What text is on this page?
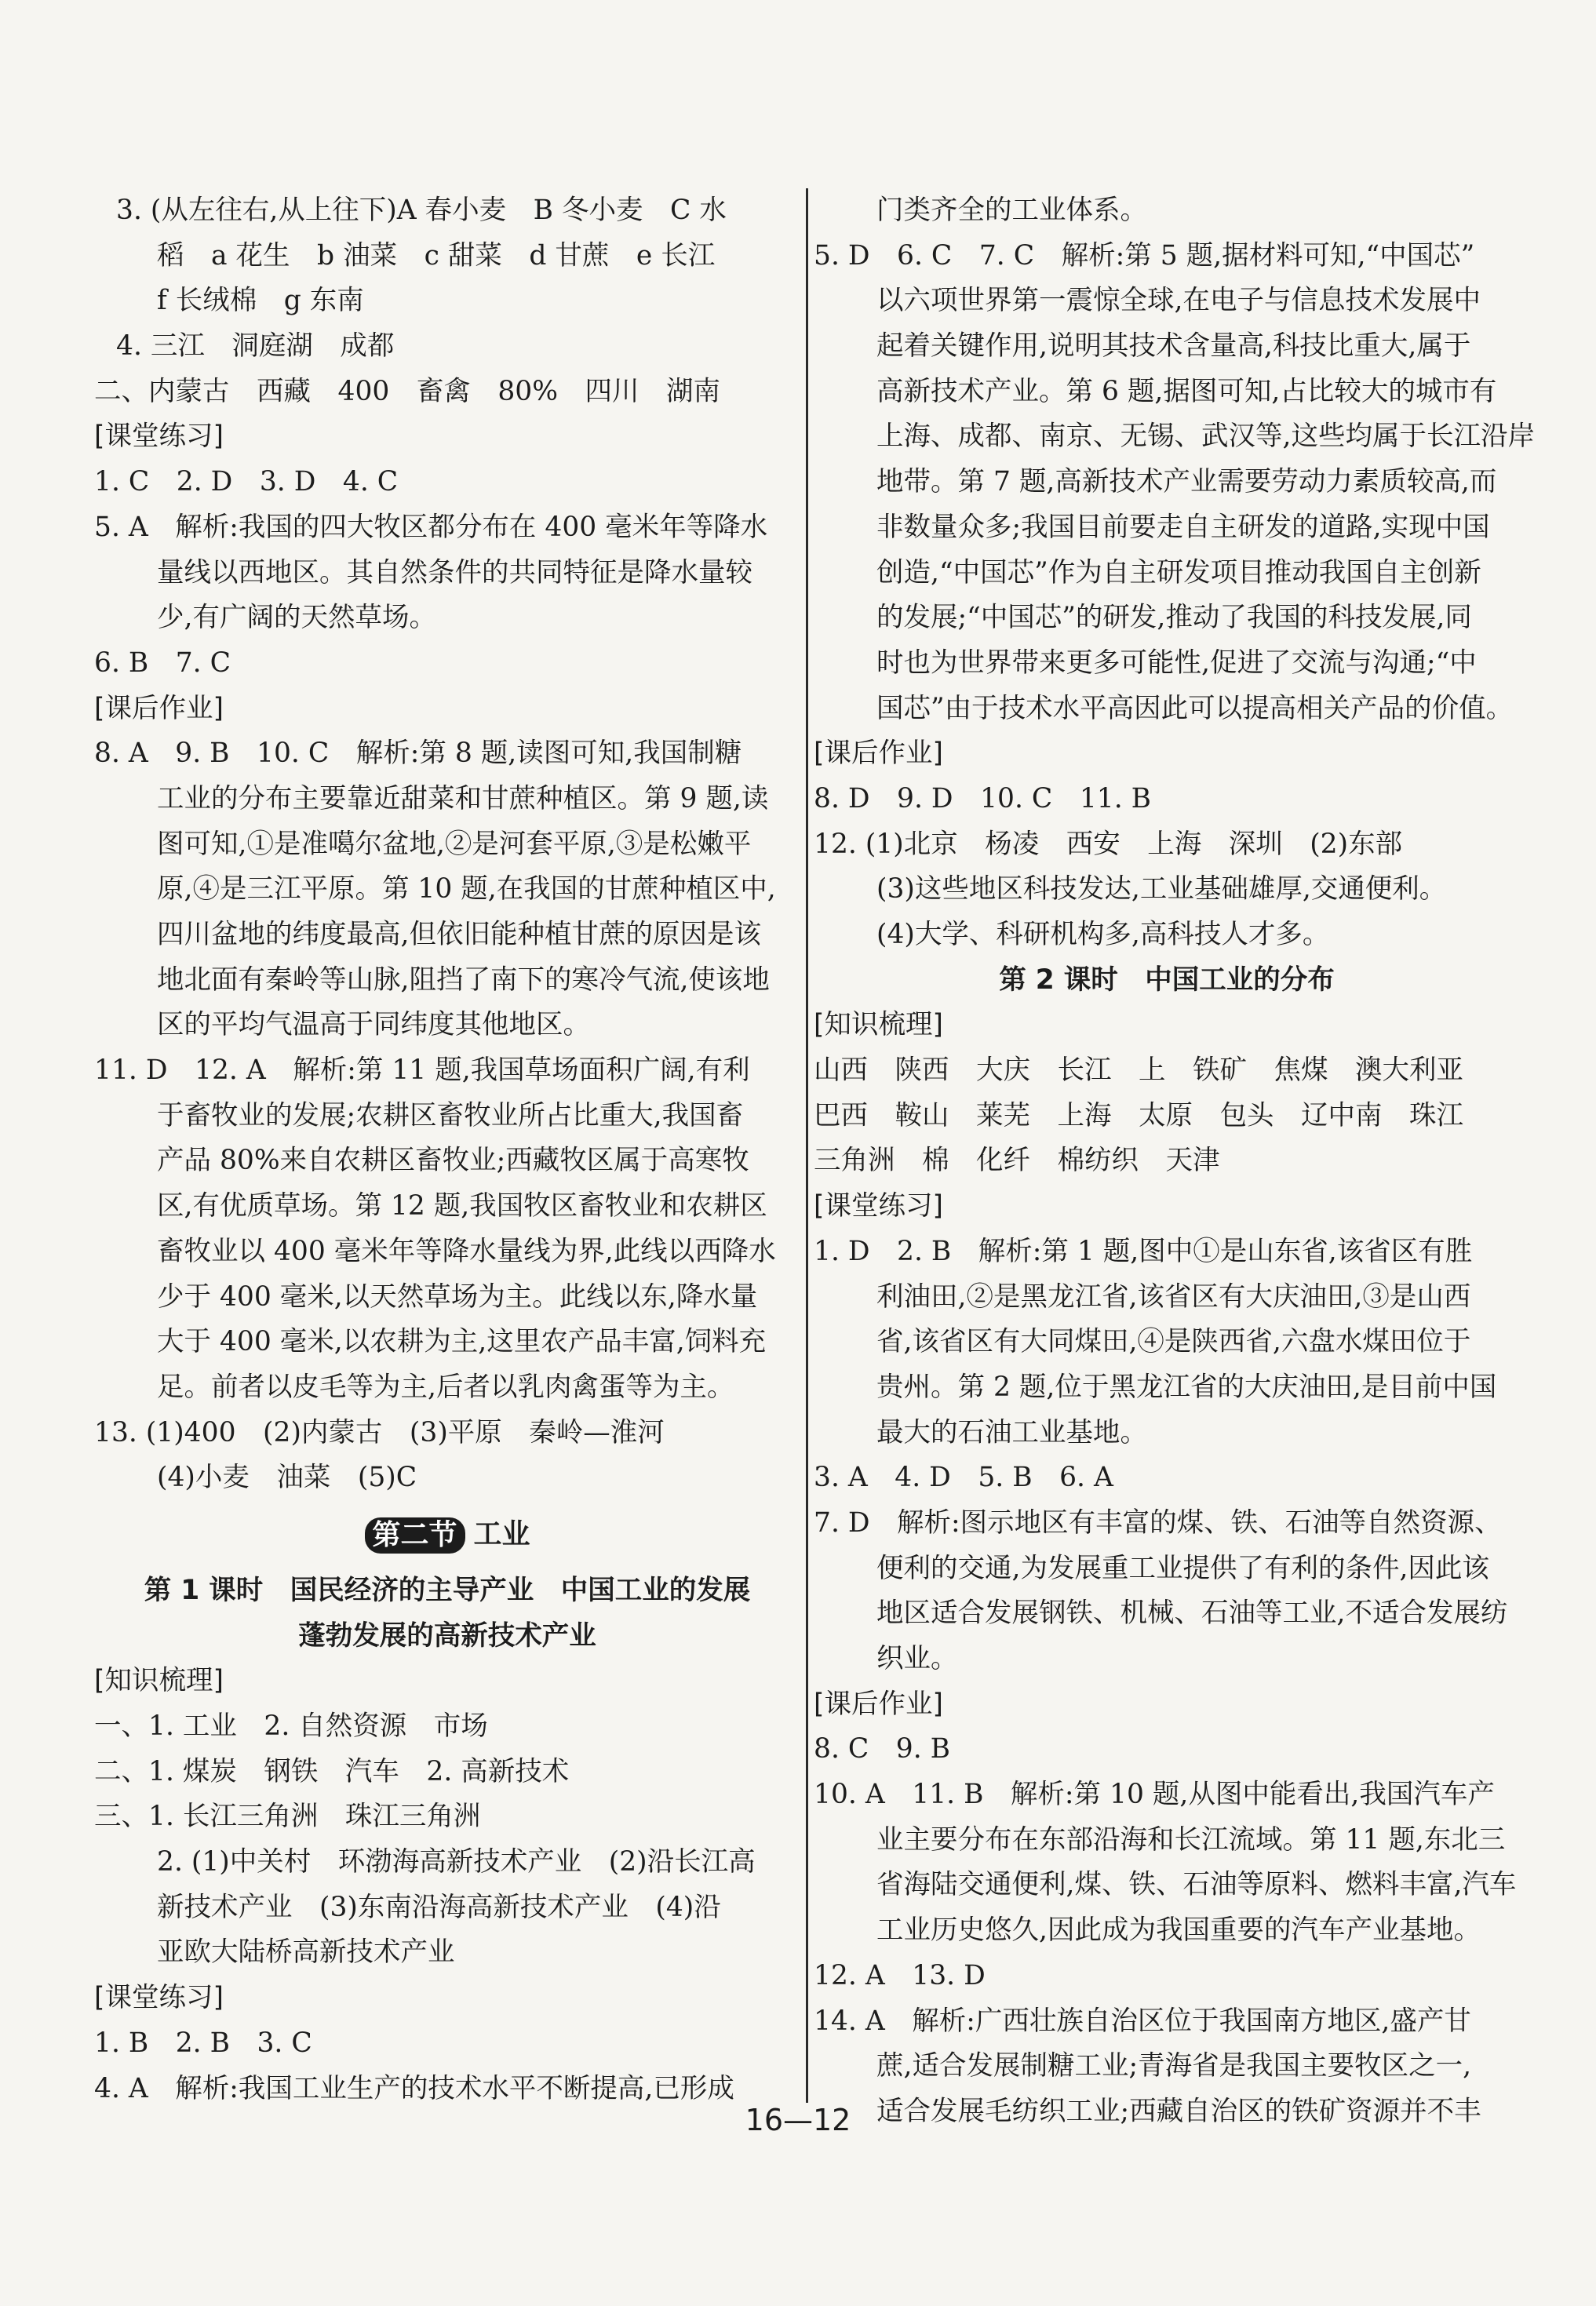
3. (从左往右,从上往下)A 春小麦　B 冬小麦　C 水
稻　a 花生　b 油菜　c 甜菜　d 甘蔗　e 长江
f 长绒棉　g 东南
4. 三江　洞庭湖　成都
二、内蒙古　西藏　400　畜禽　80%　四川　湖南
[课堂练习]
1. C　2. D　3. D　4. C
5. A　解析:我国的四大牧区都分布在 400 毫米年等降水
量线以西地区。其自然条件的共同特征是降水量较
少,有广阔的天然草场。
6. B　7. C
[课后作业]
8. A　9. B　10. C　解析:第 8 题,读图可知,我国制糖
工业的分布主要靠近甜菜和甘蔗种植区。第 9 题,读
图可知,①是准噶尔盆地,②是河套平原,③是松嫩平
原,④是三江平原。第 10 题,在我国的甘蔗种植区中,
四川盆地的纬度最高,但依旧能种植甘蔗的原因是该
地北面有秦岭等山脉,阻挡了南下的寒冷气流,使该地
区的平均气温高于同纬度其他地区。
11. D　12. A　解析:第 11 题,我国草场面积广阔,有利
于畜牧业的发展;农耕区畜牧业所占比重大,我国畜
产品 80%来自农耕区畜牧业;西藏牧区属于高寒牧
区,有优质草场。第 12 题,我国牧区畜牧业和农耕区
畜牧业以 400 毫米年等降水量线为界,此线以西降水
少于 400 毫米,以天然草场为主。此线以东,降水量
大于 400 毫米,以农耕为主,这里农产品丰富,饲料充
足。前者以皮毛等为主,后者以乳肉禽蛋等为主。
13. (1)400　(2)内蒙古　(3)平原　秦岭—淮河
(4)小麦　油菜　(5)C
第二节 工业
第 1 课时　国民经济的主导产业　中国工业的发展
蓬勃发展的高新技术产业
[知识梳理]
一、1. 工业　2. 自然资源　市场
二、1. 煤炭　钢铁　汽车　2. 高新技术
三、1. 长江三角洲　珠江三角洲
2. (1)中关村　环渤海高新技术产业　(2)沿长江高
新技术产业　(3)东南沿海高新技术产业　(4)沿
亚欧大陆桥高新技术产业
[课堂练习]
1. B　2. B　3. C
4. A　解析:我国工业生产的技术水平不断提高,已形成
门类齐全的工业体系。
5. D　6. C　7. C　解析:第 5 题,据材料可知,“中国芯”
以六项世界第一震惊全球,在电子与信息技术发展中
起着关键作用,说明其技术含量高,科技比重大,属于
高新技术产业。第 6 题,据图可知,占比较大的城市有
上海、成都、南京、无锡、武汉等,这些均属于长江沿岸
地带。第 7 题,高新技术产业需要劳动力素质较高,而
非数量众多;我国目前要走自主研发的道路,实现中国
创造,“中国芯”作为自主研发项目推动我国自主创新
的发展;“中国芯”的研发,推动了我国的科技发展,同
时也为世界带来更多可能性,促进了交流与沟通;“中
国芯”由于技术水平高因此可以提高相关产品的价值。
[课后作业]
8. D　9. D　10. C　11. B
12. (1)北京　杨凌　西安　上海　深圳　(2)东部
(3)这些地区科技发达,工业基础雄厚,交通便利。
(4)大学、科研机构多,高科技人才多。
第 2 课时　中国工业的分布
[知识梳理]
山西　陕西　大庆　长江　上　铁矿　焦煤　澳大利亚
巴西　鞍山　莱芜　上海　太原　包头　辽中南　珠江
三角洲　棉　化纤　棉纺织　天津
[课堂练习]
1. D　2. B　解析:第 1 题,图中①是山东省,该省区有胜
利油田,②是黑龙江省,该省区有大庆油田,③是山西
省,该省区有大同煤田,④是陕西省,六盘水煤田位于
贵州。第 2 题,位于黑龙江省的大庆油田,是目前中国
最大的石油工业基地。
3. A　4. D　5. B　6. A
7. D　解析:图示地区有丰富的煤、铁、石油等自然资源、
便利的交通,为发展重工业提供了有利的条件,因此该
地区适合发展钢铁、机械、石油等工业,不适合发展纺
织业。
[课后作业]
8. C　9. B
10. A　11. B　解析:第 10 题,从图中能看出,我国汽车产
业主要分布在东部沿海和长江流域。第 11 题,东北三
省海陆交通便利,煤、铁、石油等原料、燃料丰富,汽车
工业历史悠久,因此成为我国重要的汽车产业基地。
12. A　13. D
14. A　解析:广西壮族自治区位于我国南方地区,盛产甘
蔗,适合发展制糖工业;青海省是我国主要牧区之一,
适合发展毛纺织工业;西藏自治区的铁矿资源并不丰
16—12
